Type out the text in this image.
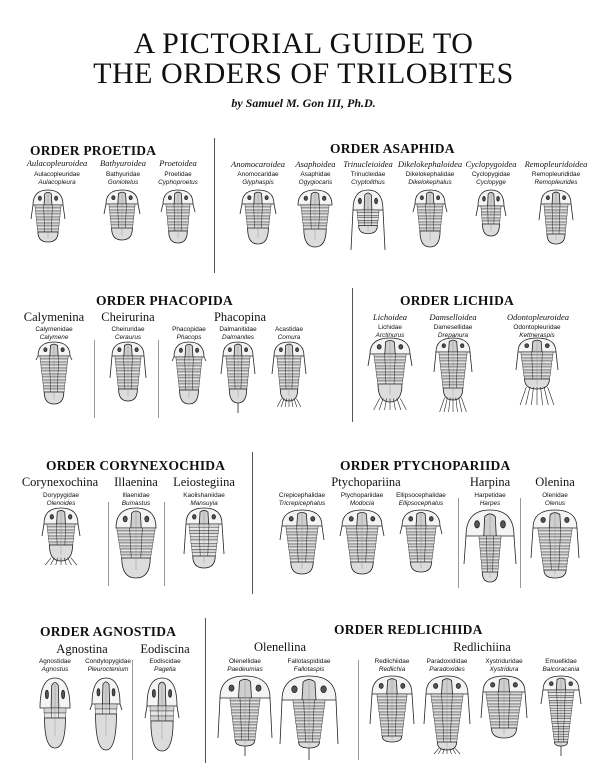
A PICTORIAL GUIDE TO
THE ORDERS OF TRILOBITES
by Samuel M. Gon III, Ph.D.
ORDER PROETIDA
Aulacopleuroidea	Bathyuroidea	Proetoidea
Aulacopleuridae
Aulacopleura
Bathyuridae
Goniotelus
Proetidae
Cyphoproetus
ORDER ASAPHIDA
Anomocaroidea	Asaphoidea Trinucleioidea Dikelokephaloidea Cyclopygoidea Remopleuridoidea
Anomocaridae
Glyphaspis
Asaphidae
Ogygiocaris
Trinucleidae
Cryptolithus
Dikelokephalidae
Dikelokephalus
Cyclopygidae
Cyclopyge
Remopleurididae
Remopleurides
ORDER PHACOPIDA
Calymenina	Cheirurina	Phacopina
Calymenidae
Calymene
Cheiruridae
Ceraurus
Phacopidae
Phacops
Dalmanitidae
Dalmanites
Acastidae
Comura
ORDER LICHIDA
Lichoidea	Damselloidea	Odontopleuroidea
Lichidae
Arctinurus
Damesellidae
Drepanura
Odontopleuridae
Kettneraspis
ORDER CORYNEXOCHIDA
Corynexochina	Illaenina	Leiostegiina
Dorypygidae
Olenoides
Illaenidae
Bumastus
Kaolishaniidae
Mansuyia
ORDER PTYCHOPARIIDA
Ptychopariina	Harpina	Olenina
Crepicephalidae
Tricrepicephalus
Ptychopariidae
Modocia
Ellipsocephalidae
Ellipsocephalus
Harpetidae
Harpes
Olenidae
Olenus
ORDER AGNOSTIDA
Agnostina	Eodiscina
Agnostidae
Agnostus
Condylopygidae
Pleuroctenium
Eodiscidae
Pagetia
ORDER REDLICHIIDA
Olenellina	Redlichiina
Olenellidae
Paedeumias
Fallotaspididae
Fallotaspis
Redlichiidae
Redlichia
Paradoxididae
Paradoxides
Xystriduridae
Xystridura
Emuellidae
Balcoracania
